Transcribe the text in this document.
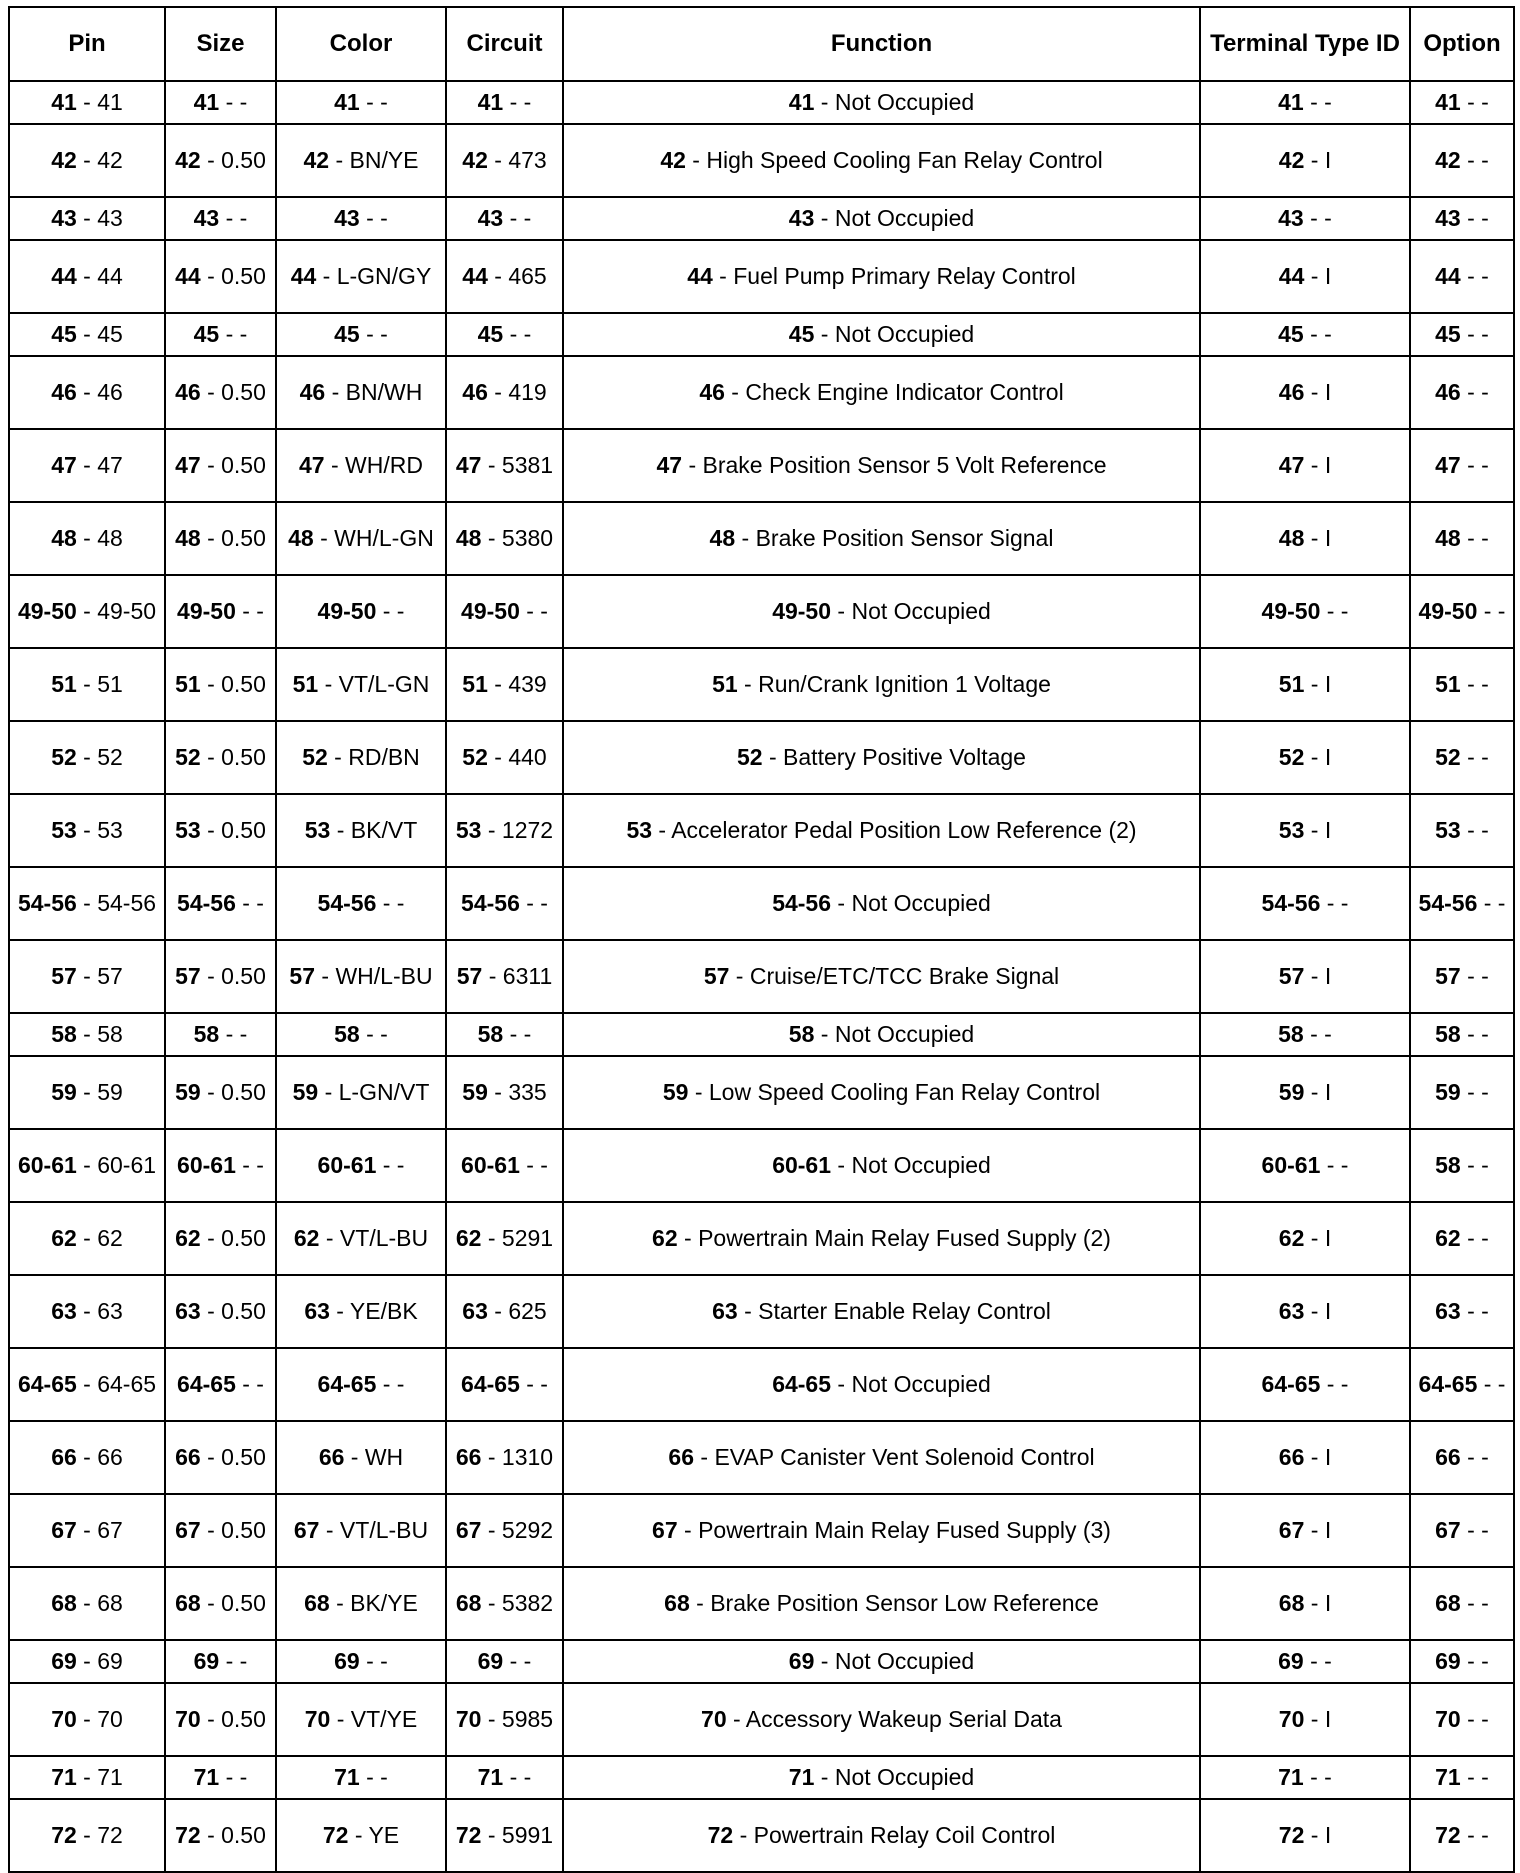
Pin	Size	Color	Circuit	Function	Terminal Type ID	Option
41 - 41	41 - -	41 - -	41 - -	41 - Not Occupied	41 - -	41 - -
42 - 42	42 - 0.50	42 - BN/YE	42 - 473	42 - High Speed Cooling Fan Relay Control	42 - I	42 - -
43 - 43	43 - -	43 - -	43 - -	43 - Not Occupied	43 - -	43 - -
44 - 44	44 - 0.50	44 - L-GN/GY	44 - 465	44 - Fuel Pump Primary Relay Control	44 - I	44 - -
45 - 45	45 - -	45 - -	45 - -	45 - Not Occupied	45 - -	45 - -
46 - 46	46 - 0.50	46 - BN/WH	46 - 419	46 - Check Engine Indicator Control	46 - I	46 - -
47 - 47	47 - 0.50	47 - WH/RD	47 - 5381	47 - Brake Position Sensor 5 Volt Reference	47 - I	47 - -
48 - 48	48 - 0.50	48 - WH/L-GN	48 - 5380	48 - Brake Position Sensor Signal	48 - I	48 - -
49-50 - 49-50	49-50 - -	49-50 - -	49-50 - -	49-50 - Not Occupied	49-50 - -	49-50 - -
51 - 51	51 - 0.50	51 - VT/L-GN	51 - 439	51 - Run/Crank Ignition 1 Voltage	51 - I	51 - -
52 - 52	52 - 0.50	52 - RD/BN	52 - 440	52 - Battery Positive Voltage	52 - I	52 - -
53 - 53	53 - 0.50	53 - BK/VT	53 - 1272	53 - Accelerator Pedal Position Low Reference (2)	53 - I	53 - -
54-56 - 54-56	54-56 - -	54-56 - -	54-56 - -	54-56 - Not Occupied	54-56 - -	54-56 - -
57 - 57	57 - 0.50	57 - WH/L-BU	57 - 6311	57 - Cruise/ETC/TCC Brake Signal	57 - I	57 - -
58 - 58	58 - -	58 - -	58 - -	58 - Not Occupied	58 - -	58 - -
59 - 59	59 - 0.50	59 - L-GN/VT	59 - 335	59 - Low Speed Cooling Fan Relay Control	59 - I	59 - -
60-61 - 60-61	60-61 - -	60-61 - -	60-61 - -	60-61 - Not Occupied	60-61 - -	58 - -
62 - 62	62 - 0.50	62 - VT/L-BU	62 - 5291	62 - Powertrain Main Relay Fused Supply (2)	62 - I	62 - -
63 - 63	63 - 0.50	63 - YE/BK	63 - 625	63 - Starter Enable Relay Control	63 - I	63 - -
64-65 - 64-65	64-65 - -	64-65 - -	64-65 - -	64-65 - Not Occupied	64-65 - -	64-65 - -
66 - 66	66 - 0.50	66 - WH	66 - 1310	66 - EVAP Canister Vent Solenoid Control	66 - I	66 - -
67 - 67	67 - 0.50	67 - VT/L-BU	67 - 5292	67 - Powertrain Main Relay Fused Supply (3)	67 - I	67 - -
68 - 68	68 - 0.50	68 - BK/YE	68 - 5382	68 - Brake Position Sensor Low Reference	68 - I	68 - -
69 - 69	69 - -	69 - -	69 - -	69 - Not Occupied	69 - -	69 - -
70 - 70	70 - 0.50	70 - VT/YE	70 - 5985	70 - Accessory Wakeup Serial Data	70 - I	70 - -
71 - 71	71 - -	71 - -	71 - -	71 - Not Occupied	71 - -	71 - -
72 - 72	72 - 0.50	72 - YE	72 - 5991	72 - Powertrain Relay Coil Control	72 - I	72 - -
